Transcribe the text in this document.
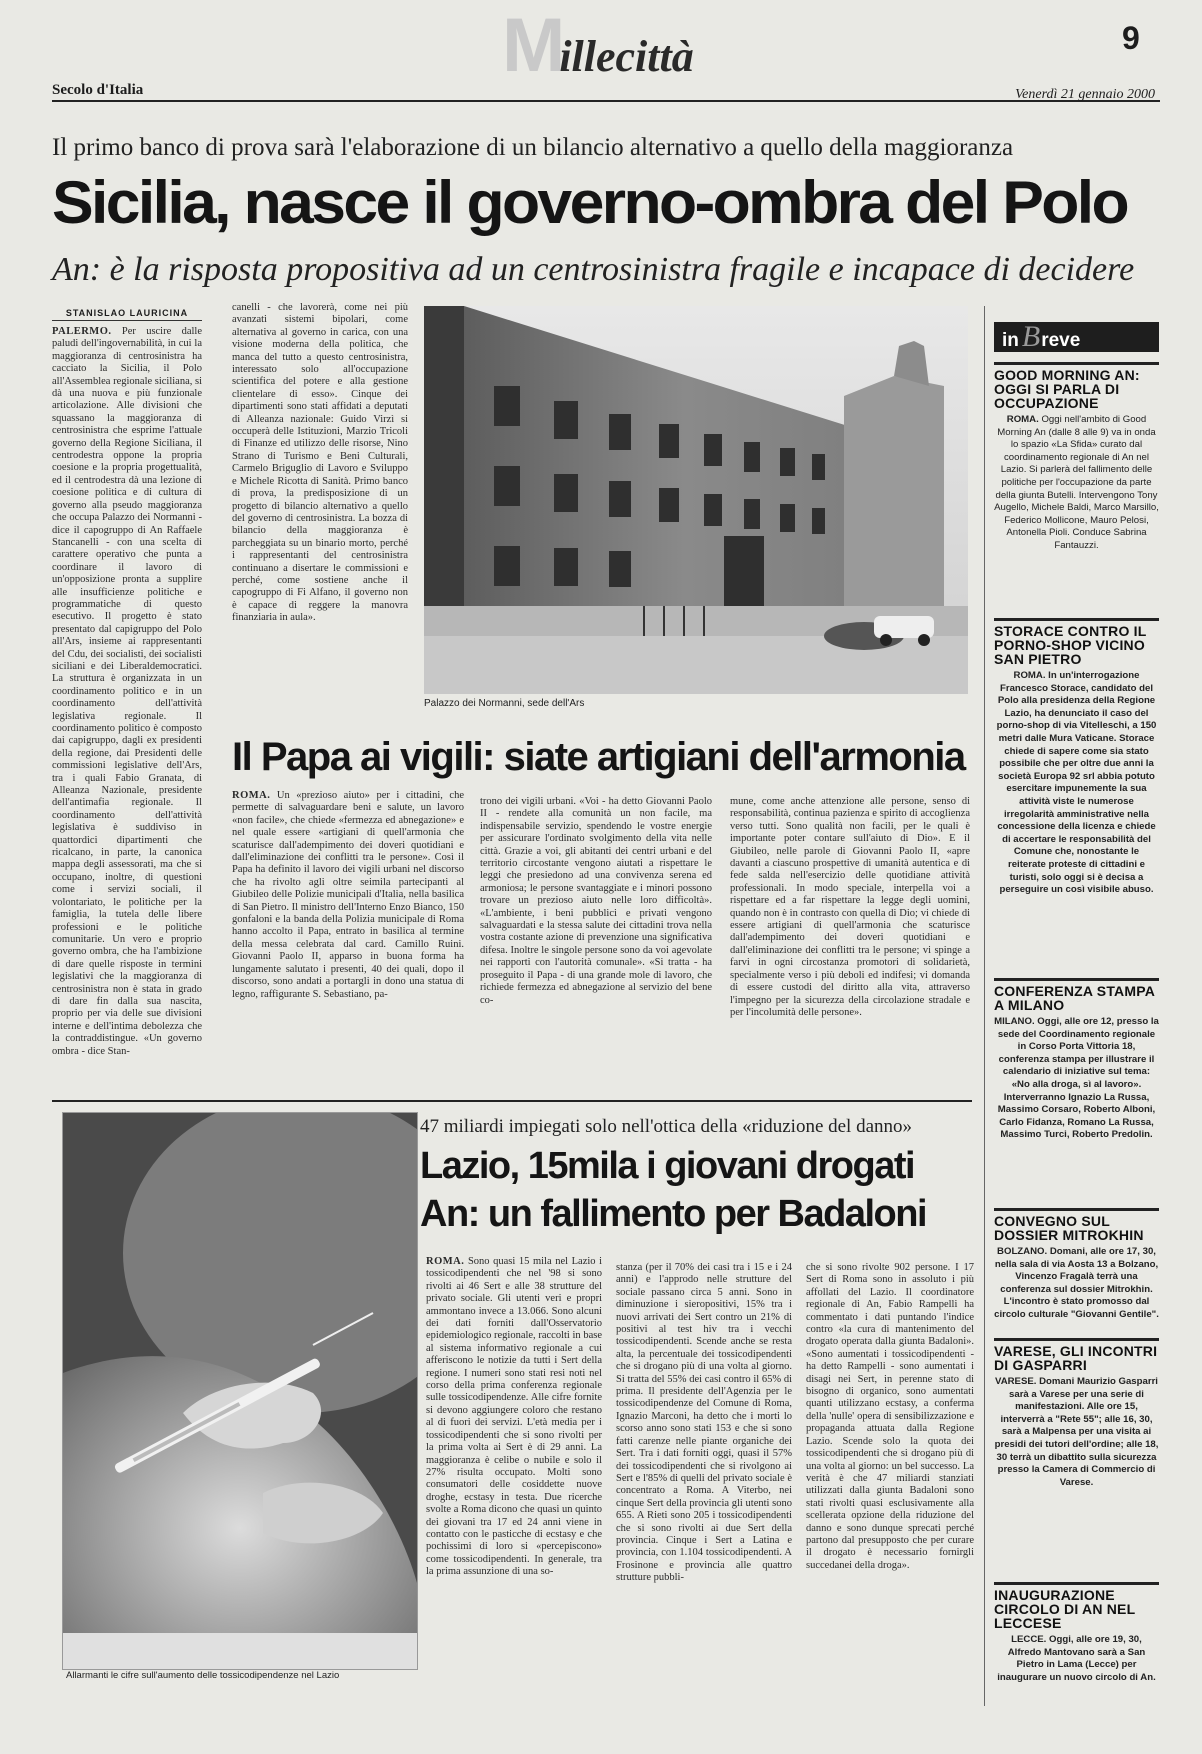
Millecittà	9
Secolo d'Italia	Venerdì 21 gennaio 2000
Il primo banco di prova sarà l'elaborazione di un bilancio alternativo a quello della maggioranza
Sicilia, nasce il governo-ombra del Polo
An: è la risposta propositiva ad un centrosinistra fragile e incapace di decidere
STANISLAO LAURICINA
PALERMO. Per uscire dalle paludi dell'ingovernabilità, in cui la maggioranza di centrosinistra ha cacciato la Sicilia, il Polo all'Assemblea regionale siciliana, si dà una nuova e più funzionale articolazione. Alle divisioni che squassano la maggioranza di centrosinistra che esprime l'attuale governo della Regione Siciliana, il centrodestra oppone la propria coesione e la propria progettualità, ed il centrodestra dà una lezione di coesione politica e di cultura di governo alla pseudo maggioranza che occupa Palazzo dei Normanni - dice il capogruppo di An Raffaele Stancanelli - con una scelta di carattere operativo che punta a coordinare il lavoro di un'opposizione pronta a supplire alle insufficienze politiche e programmatiche di questo esecutivo. Il progetto è stato presentato dal capigruppo del Polo all'Ars, insieme ai rappresentanti del Cdu, dei socialisti, dei socialisti siciliani e dei Liberaldemocratici. La struttura è organizzata in un coordinamento politico e in un coordinamento dell'attività legislativa regionale. Il coordinamento politico è composto dai capigruppo, dagli ex presidenti della regione, dai Presidenti delle commissioni legislative dell'Ars, tra i quali Fabio Granata, di Alleanza Nazionale, presidente dell'antimafia regionale. Il coordinamento dell'attività legislativa è suddiviso in quattordici dipartimenti che ricalcano, in parte, la canonica mappa degli assessorati, ma che si occupano, inoltre, di questioni come i servizi sociali, il volontariato, le politiche per la famiglia, la tutela delle libere professioni e le politiche comunitarie. Un vero e proprio governo ombra, che ha l'ambizione di dare quelle risposte in termini legislativi che la maggioranza di centrosinistra non è stata in grado di dare fin dalla sua nascita, proprio per via delle sue divisioni interne e dell'intima debolezza che la contraddistingue. «Un governo ombra - dice Stan-
canelli - che lavorerà, come nei più avanzati sistemi bipolari, come alternativa al governo in carica, con una visione moderna della politica, che manca del tutto a questo centrosinistra, interessato solo all'occupazione scientifica del potere e alla gestione clientelare di esso». Cinque dei dipartimenti sono stati affidati a deputati di Alleanza nazionale: Guido Virzì si occuperà delle Istituzioni, Marzio Tricoli di Finanze ed utilizzo delle risorse, Nino Strano di Turismo e Beni Culturali, Carmelo Briguglio di Lavoro e Sviluppo e Michele Ricotta di Sanità. Primo banco di prova, la predisposizione di un progetto di bilancio alternativo a quello del governo di centrosinistra. La bozza di bilancio della maggioranza è parcheggiata su un binario morto, perché i rappresentanti del centrosinistra continuano a disertare le commissioni e perché, come sostiene anche il capogruppo di Fi Alfano, il governo non è capace di reggere la manovra finanziaria in aula».
Palazzo dei Normanni, sede dell'Ars
Il Papa ai vigili: siate artigiani dell'armonia
ROMA. Un «prezioso aiuto» per i cittadini, che permette di salvaguardare beni e salute, un lavoro «non facile», che chiede «fermezza ed abnegazione» e nel quale essere «artigiani di quell'armonia che scaturisce dall'adempimento dei doveri quotidiani e dall'eliminazione dei conflitti tra le persone». Così il Papa ha definito il lavoro dei vigili urbani nel discorso che ha rivolto agli oltre seimila partecipanti al Giubileo delle Polizie municipali d'Italia, nella basilica di San Pietro. Il ministro dell'Interno Enzo Bianco, 150 gonfaloni e la banda della Polizia municipale di Roma hanno accolto il Papa, entrato in basilica al termine della messa celebrata dal card. Camillo Ruini. Giovanni Paolo II, apparso in buona forma ha lungamente salutato i presenti, 40 dei quali, dopo il discorso, sono andati a portargli in dono una statua di legno, raffigurante S. Sebastiano, pa-
trono dei vigili urbani. «Voi - ha detto Giovanni Paolo II - rendete alla comunità un non facile, ma indispensabile servizio, spendendo le vostre energie per assicurare l'ordinato svolgimento della vita nelle città. Grazie a voi, gli abitanti dei centri urbani e del territorio circostante vengono aiutati a rispettare le leggi che presiedono ad una convivenza serena ed armoniosa; le persone svantaggiate e i minori possono trovare un prezioso aiuto nelle loro difficoltà». «L'ambiente, i beni pubblici e privati vengono salvaguardati e la stessa salute dei cittadini trova nella vostra costante azione di prevenzione una significativa difesa. Inoltre le singole persone sono da voi agevolate nei rapporti con l'autorità comunale». «Si tratta - ha proseguito il Papa - di una grande mole di lavoro, che richiede fermezza ed abnegazione al servizio del bene co-
mune, come anche attenzione alle persone, senso di responsabilità, continua pazienza e spirito di accoglienza verso tutti. Sono qualità non facili, per le quali è importante poter contare sull'aiuto di Dio». E il Giubileo, nelle parole di Giovanni Paolo II, «apre davanti a ciascuno prospettive di umanità autentica e di fede salda nell'esercizio delle quotidiane attività professionali. In modo speciale, interpella voi a rispettare ed a far rispettare la legge degli uomini, quando non è in contrasto con quella di Dio; vi chiede di essere artigiani di quell'armonia che scaturisce dall'adempimento dei doveri quotidiani e dall'eliminazione dei conflitti tra le persone; vi spinge a farvi in ogni circostanza promotori di solidarietà, specialmente verso i più deboli ed indifesi; vi domanda di essere custodi del diritto alla vita, attraverso l'impegno per la sicurezza della circolazione stradale e per l'incolumità delle persone».
Allarmanti le cifre sull'aumento delle tossicodipendenze nel Lazio
47 miliardi impiegati solo nell'ottica della «riduzione del danno»
Lazio, 15mila i giovani drogati
An: un fallimento per Badaloni
ROMA. Sono quasi 15 mila nel Lazio i tossicodipendenti che nel '98 si sono rivolti ai 46 Sert e alle 38 strutture del privato sociale. Gli utenti veri e propri ammontano invece a 13.066. Sono alcuni dei dati forniti dall'Osservatorio epidemiologico regionale, raccolti in base al sistema informativo regionale a cui afferiscono le notizie da tutti i Sert della regione. I numeri sono stati resi noti nel corso della prima conferenza regionale sulle tossicodipendenze. Alle cifre fornite si devono aggiungere coloro che restano al di fuori dei servizi. L'età media per i tossicodipendenti che si sono rivolti per la prima volta ai Sert è di 29 anni. La maggioranza è celibe o nubile e solo il 27% risulta occupato. Molti sono consumatori delle cosiddette nuove droghe, ecstasy in testa. Due ricerche svolte a Roma dicono che quasi un quinto dei giovani tra 17 ed 24 anni viene in contatto con le pasticche di ecstasy e che pochissimi di loro si «percepiscono» come tossicodipendenti. In generale, tra la prima assunzione di una so-
stanza (per il 70% dei casi tra i 15 e i 24 anni) e l'approdo nelle strutture del sociale passano circa 5 anni. Sono in diminuzione i sieropositivi, 15% tra i nuovi arrivati dei Sert contro un 21% di positivi al test hiv tra i vecchi tossicodipendenti. Scende anche se resta alta, la percentuale dei tossicodipendenti che si drogano più di una volta al giorno. Si tratta del 55% dei casi contro il 65% di prima. Il presidente dell'Agenzia per le tossicodipendenze del Comune di Roma, Ignazio Marconi, ha detto che i morti lo scorso anno sono stati 153 e che si sono fatti carenze nelle piante organiche dei Sert. Tra i dati forniti oggi, quasi il 57% dei tossicodipendenti che si rivolgono ai Sert e l'85% di quelli del privato sociale è concentrato a Roma. A Viterbo, nei cinque Sert della provincia gli utenti sono 655. A Rieti sono 205 i tossicodipendenti che si sono rivolti ai due Sert della provincia. Cinque i Sert a Latina e provincia, con 1.104 tossicodipendenti. A Frosinone e provincia alle quattro strutture pubbli-
che si sono rivolte 902 persone. I 17 Sert di Roma sono in assoluto i più affollati del Lazio. Il coordinatore regionale di An, Fabio Rampelli ha commentato i dati puntando l'indice contro «la cura di mantenimento del drogato operata dalla giunta Badaloni». «Sono aumentati i tossicodipendenti - ha detto Rampelli - sono aumentati i disagi nei Sert, in perenne stato di bisogno di organico, sono aumentati quanti utilizzano ecstasy, a conferma della 'nulle' opera di sensibilizzazione e propaganda attuata dalla Regione Lazio. Scende solo la quota dei tossicodipendenti che si drogano più di una volta al giorno: un bel successo. La verità è che 47 miliardi stanziati utilizzati dalla giunta Badaloni sono stati rivolti quasi esclusivamente alla scellerata opzione della riduzione del danno e sono dunque sprecati perché partono dal presupposto che per curare il drogato è necessario fornirgli succedanei della droga».
in Breve
GOOD MORNING AN: OGGI SI PARLA DI OCCUPAZIONE
ROMA. Oggi nell'ambito di Good Morning An (dalle 8 alle 9) va in onda lo spazio «La Sfida» curato dal coordinamento regionale di An nel Lazio. Si parlerà del fallimento delle politiche per l'occupazione da parte della giunta Butelli. Intervengono Tony Augello, Michele Baldi, Marco Marsillo, Federico Mollicone, Mauro Pelosi, Antonella Pioli. Conduce Sabrina Fantauzzi.
STORACE CONTRO IL PORNO-SHOP VICINO SAN PIETRO
ROMA. In un'interrogazione Francesco Storace, candidato del Polo alla presidenza della Regione Lazio, ha denunciato il caso del porno-shop di via Vitelleschi, a 150 metri dalle Mura Vaticane. Storace chiede di sapere come sia stato possibile che per oltre due anni la società Europa 92 srl abbia potuto esercitare impunemente la sua attività viste le numerose irregolarità amministrative nella concessione della licenza e chiede di accertare le responsabilità del Comune che, nonostante le reiterate proteste di cittadini e turisti, solo oggi si è decisa a perseguire un così visibile abuso.
CONFERENZA STAMPA A MILANO
MILANO. Oggi, alle ore 12, presso la sede del Coordinamento regionale in Corso Porta Vittoria 18, conferenza stampa per illustrare il calendario di iniziative sul tema: «No alla droga, sì al lavoro». Interverranno Ignazio La Russa, Massimo Corsaro, Roberto Alboni, Carlo Fidanza, Romano La Russa, Massimo Turci, Roberto Predolin.
CONVEGNO SUL DOSSIER MITROKHIN
BOLZANO. Domani, alle ore 17, 30, nella sala di via Aosta 13 a Bolzano, Vincenzo Fragalà terrà una conferenza sul dossier Mitrokhin. L'incontro è stato promosso dal circolo culturale "Giovanni Gentile".
VARESE, GLI INCONTRI DI GASPARRI
VARESE. Domani Maurizio Gasparri sarà a Varese per una serie di manifestazioni. Alle ore 15, interverrà a "Rete 55"; alle 16, 30, sarà a Malpensa per una visita ai presidi dei tutori dell'ordine; alle 18, 30 terrà un dibattito sulla sicurezza presso la Camera di Commercio di Varese.
INAUGURAZIONE CIRCOLO DI AN NEL LECCESE
LECCE. Oggi, alle ore 19, 30, Alfredo Mantovano sarà a San Pietro in Lama (Lecce) per inaugurare un nuovo circolo di An.
